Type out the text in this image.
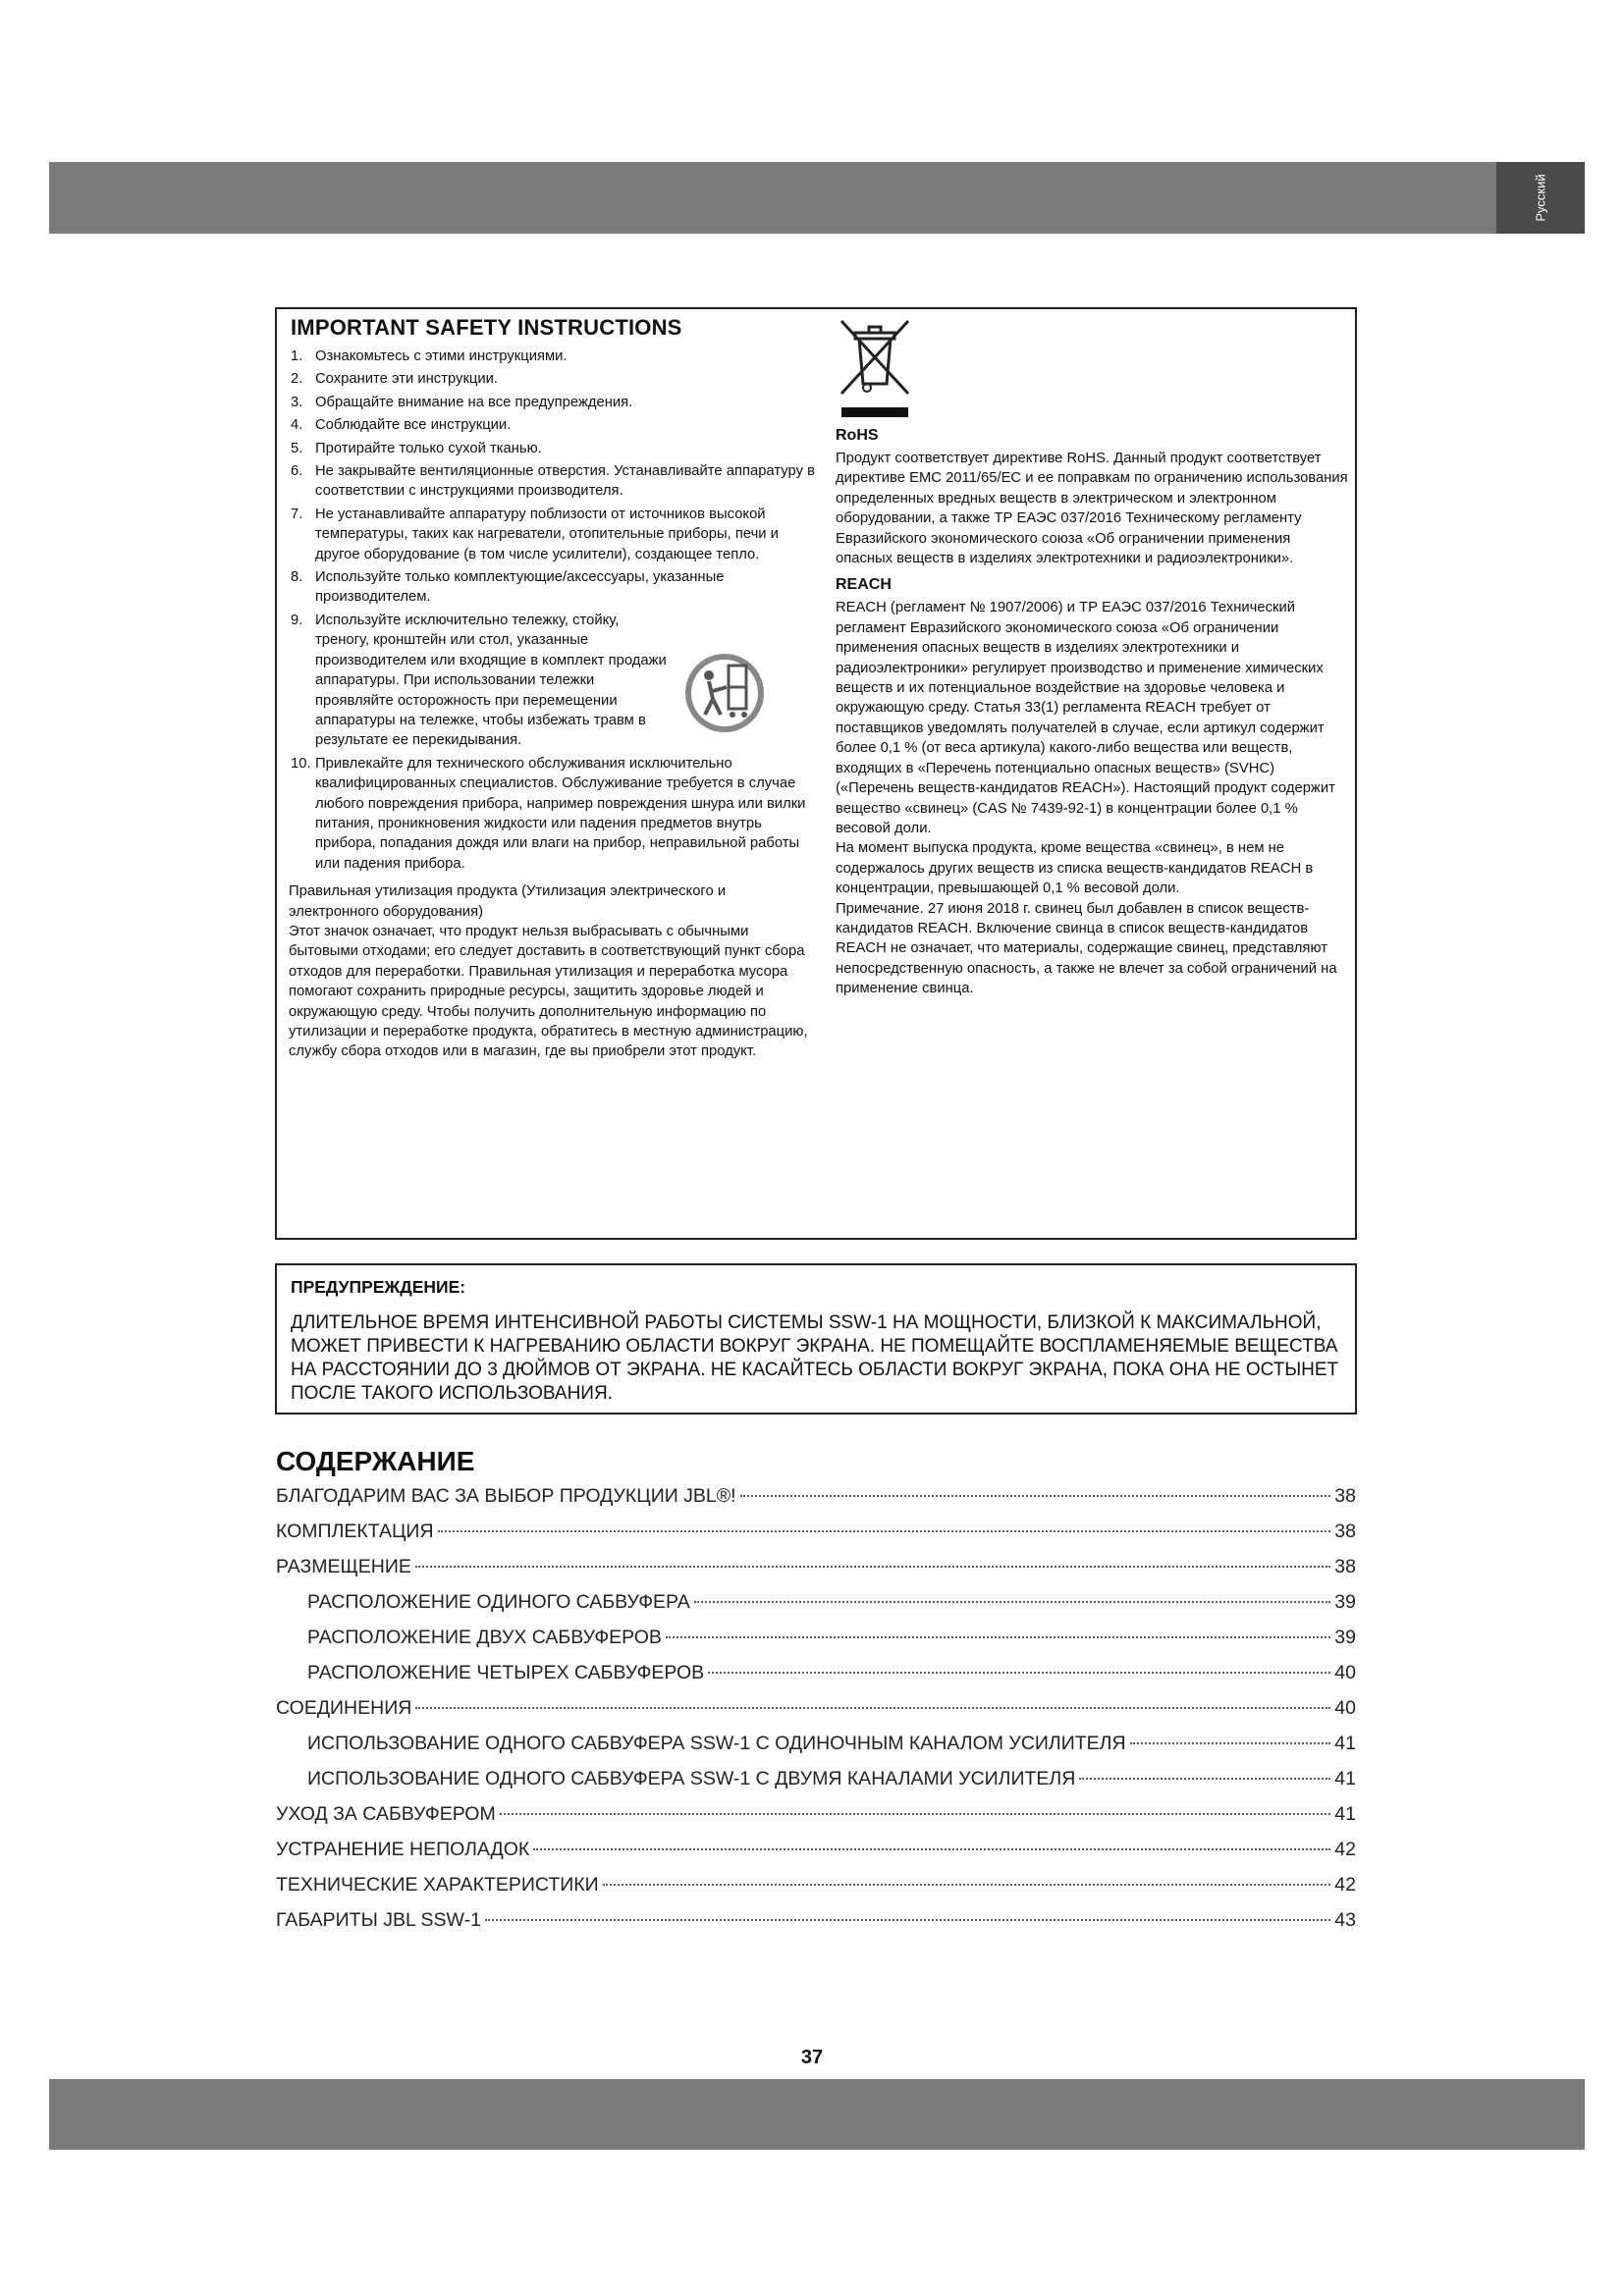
Русский
IMPORTANT SAFETY INSTRUCTIONS
1. Ознакомьтесь с этими инструкциями.
2. Сохраните эти инструкции.
3. Обращайте внимание на все предупреждения.
4. Соблюдайте все инструкции.
5. Протирайте только сухой тканью.
6. Не закрывайте вентиляционные отверстия. Устанавливайте аппаратуру в соответствии с инструкциями производителя.
7. Не устанавливайте аппаратуру поблизости от источников высокой температуры, таких как нагреватели, отопительные приборы, печи и другое оборудование (в том числе усилители), создающее тепло.
8. Используйте только комплектующие/аксессуары, указанные производителем.
9. Используйте исключительно тележку, стойку, треногу, кронштейн или стол, указанные производителем или входящие в комплект продажи аппаратуры. При использовании тележки проявляйте осторожность при перемещении аппаратуры на тележке, чтобы избежать травм в результате ее перекидывания.
10. Привлекайте для технического обслуживания исключительно квалифицированных специалистов. Обслуживание требуется в случае любого повреждения прибора, например повреждения шнура или вилки питания, проникновения жидкости или падения предметов внутрь прибора, попадания дождя или влаги на прибор, неправильной работы или падения прибора.

Правильная утилизация продукта (Утилизация электрического и электронного оборудования)

Этот значок означает, что продукт нельзя выбрасывать с обычными бытовыми отходами; его следует доставить в соответствующий пункт сбора отходов для переработки. Правильная утилизация и переработка мусора помогают сохранить природные ресурсы, защитить здоровье людей и окружающую среду. Чтобы получить дополнительную информацию по утилизации и переработке продукта, обратитесь в местную администрацию, службу сбора отходов или в магазин, где вы приобрели этот продукт.

RoHS

Продукт соответствует директиве RoHS. Данный продукт соответствует директиве EMC 2011/65/EC и ее поправкам по ограничению использования определенных вредных веществ в электрическом и электронном оборудовании, а также ТР ЕАЭС 037/2016 Техническому регламенту Евразийского экономического союза «Об ограничении применения опасных веществ в изделиях электротехники и радиоэлектроники».

REACH

REACH (регламент № 1907/2006) и ТР ЕАЭС 037/2016 Технический регламент Евразийского экономического союза «Об ограничении применения опасных веществ в изделиях электротехники и радиоэлектроники» регулирует производство и применение химических веществ и их потенциальное воздействие на здоровье человека и окружающую среду. Статья 33(1) регламента REACH требует от поставщиков уведомлять получателей в случае, если артикул содержит более 0,1 % (от веса артикула) какого-либо вещества или веществ, входящих в «Перечень потенциально опасных веществ» (SVHC) («Перечень веществ-кандидатов REACH»). Настоящий продукт содержит вещество «свинец» (CAS № 7439-92-1) в концентрации более 0,1 % весовой доли.

На момент выпуска продукта, кроме вещества «свинец», в нем не содержалось других веществ из списка веществ-кандидатов REACH в концентрации, превышающей 0,1 % весовой доли.

Примечание. 27 июня 2018 г. свинец был добавлен в список веществ-кандидатов REACH. Включение свинца в список веществ-кандидатов REACH не означает, что материалы, содержащие свинец, представляют непосредственную опасность, а также не влечет за собой ограничений на применение свинца.

ПРЕДУПРЕЖДЕНИЕ:
ДЛИТЕЛЬНОЕ ВРЕМЯ ИНТЕНСИВНОЙ РАБОТЫ СИСТЕМЫ SSW-1 НА МОЩНОСТИ, БЛИЗКОЙ К МАКСИМАЛЬНОЙ, МОЖЕТ ПРИВЕСТИ К НАГРЕВАНИЮ ОБЛАСТИ ВОКРУГ ЭКРАНА. НЕ ПОМЕЩАЙТЕ ВОСПЛАМЕНЯЕМЫЕ ВЕЩЕСТВА НА РАССТОЯНИИ ДО 3 ДЮЙМОВ ОТ ЭКРАНА. НЕ КАСАЙТЕСЬ ОБЛАСТИ ВОКРУГ ЭКРАНА, ПОКА ОНА НЕ ОСТЫНЕТ ПОСЛЕ ТАКОГО ИСПОЛЬЗОВАНИЯ.
СОДЕРЖАНИЕ
БЛАГОДАРИМ ВАС ЗА ВЫБОР ПРОДУКЦИИ JBL®!	38
КОМПЛЕКТАЦИЯ	38
РАЗМЕЩЕНИЕ	38
РАСПОЛОЖЕНИЕ ОДИНОГО САБВУФЕРА	39
РАСПОЛОЖЕНИЕ ДВУХ САБВУФЕРОВ	39
РАСПОЛОЖЕНИЕ ЧЕТЫРЕХ САБВУФЕРОВ	40
СОЕДИНЕНИЯ	40
ИСПОЛЬЗОВАНИЕ ОДНОГО САБВУФЕРА SSW-1 С ОДИНОЧНЫМ КАНАЛОМ УСИЛИТЕЛЯ	41
ИСПОЛЬЗОВАНИЕ ОДНОГО САБВУФЕРА SSW-1 С ДВУМЯ КАНАЛАМИ УСИЛИТЕЛЯ	41
УХОД ЗА САБВУФЕРОМ	41
УСТРАНЕНИЕ НЕПОЛАДОК	42
ТЕХНИЧЕСКИЕ ХАРАКТЕРИСТИКИ	42
ГАБАРИТЫ JBL SSW-1	43
37
